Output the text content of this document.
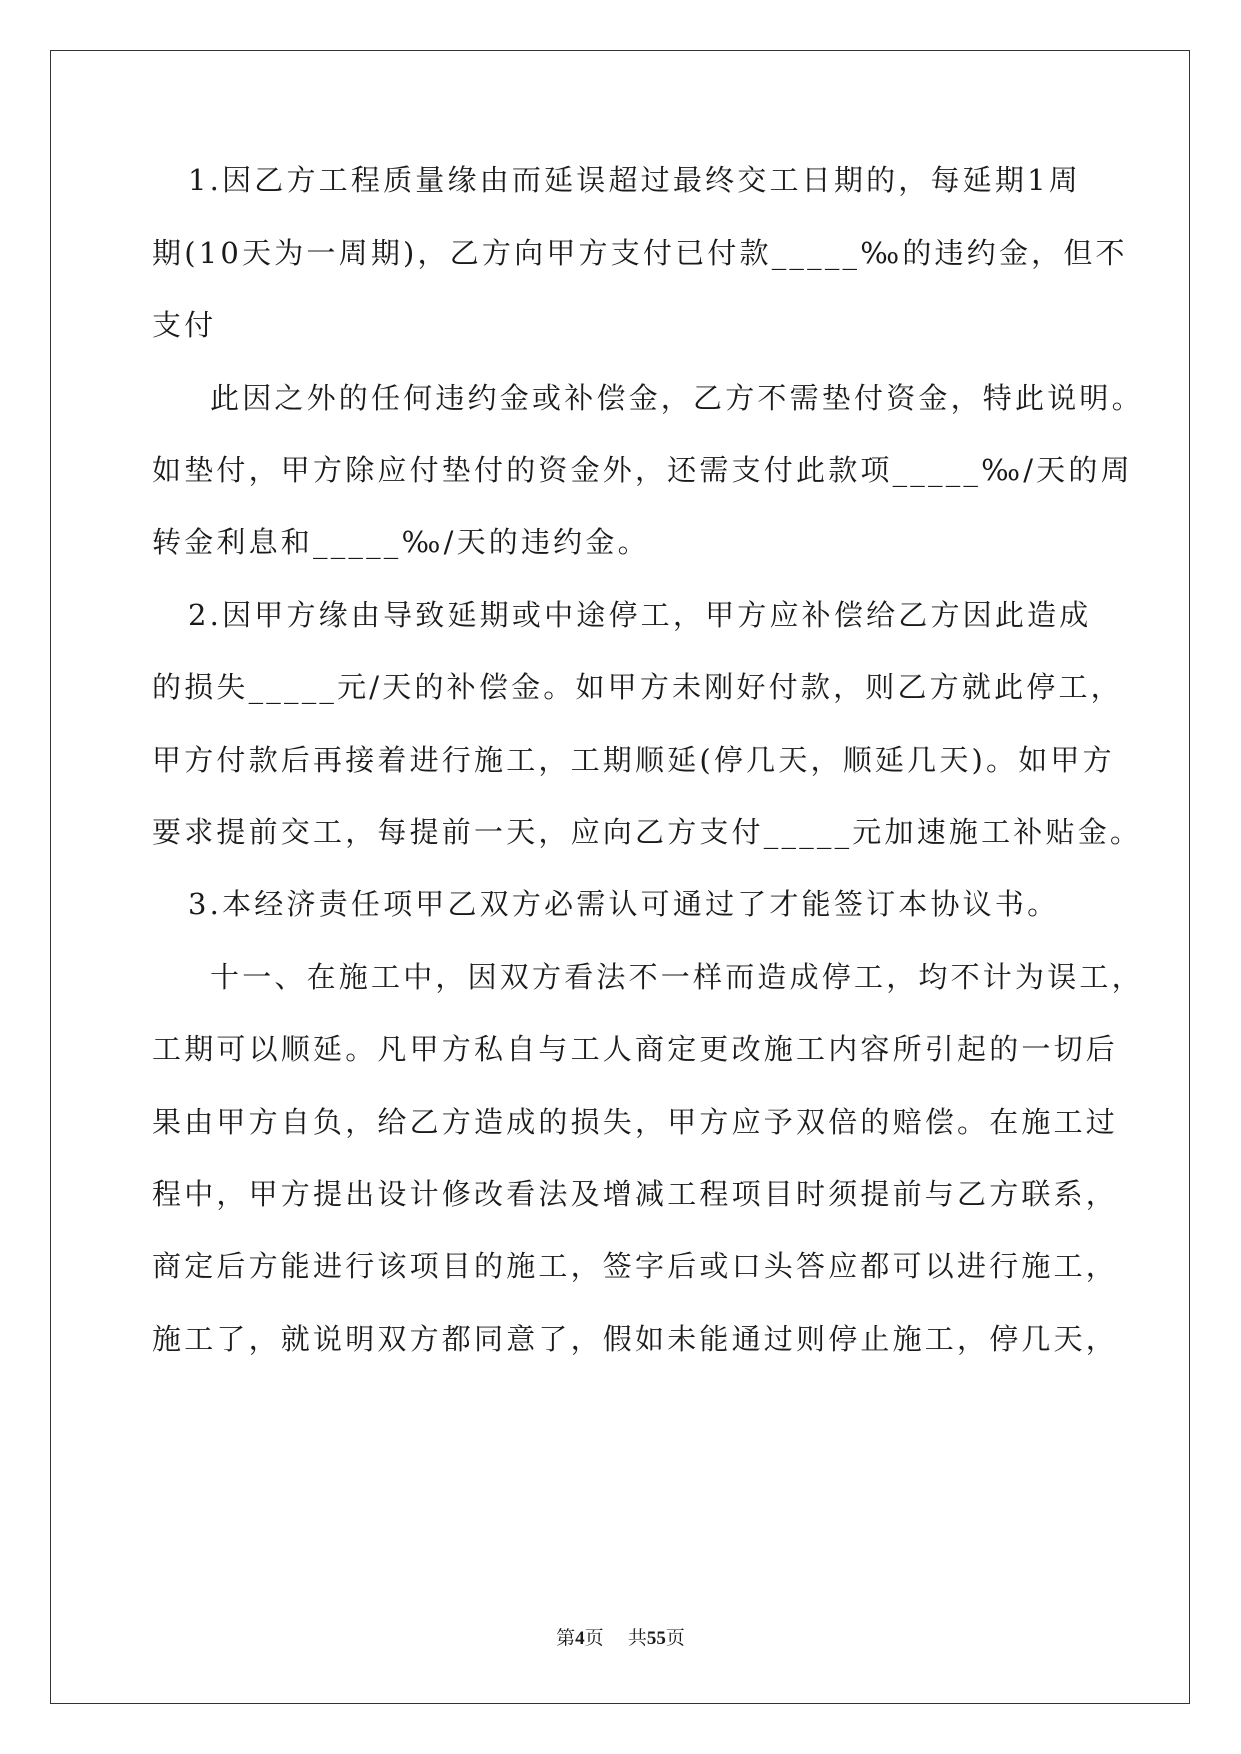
1.因乙方工程质量缘由而延误超过最终交工日期的，每延期1周
期(10天为一周期)，乙方向甲方支付已付款_____‰的违约金，但不
支付
此因之外的任何违约金或补偿金，乙方不需垫付资金，特此说明。
如垫付，甲方除应付垫付的资金外，还需支付此款项_____‰/天的周
转金利息和_____‰/天的违约金。
2.因甲方缘由导致延期或中途停工，甲方应补偿给乙方因此造成
的损失_____元/天的补偿金。如甲方未刚好付款，则乙方就此停工，
甲方付款后再接着进行施工，工期顺延(停几天，顺延几天)。如甲方
要求提前交工，每提前一天，应向乙方支付_____元加速施工补贴金。
3.本经济责任项甲乙双方必需认可通过了才能签订本协议书。
十一、在施工中，因双方看法不一样而造成停工，均不计为误工，
工期可以顺延。凡甲方私自与工人商定更改施工内容所引起的一切后
果由甲方自负，给乙方造成的损失，甲方应予双倍的赔偿。在施工过
程中，甲方提出设计修改看法及增减工程项目时须提前与乙方联系，
商定后方能进行该项目的施工，签字后或口头答应都可以进行施工，
施工了，就说明双方都同意了，假如未能通过则停止施工，停几天，
第4页 共55页
